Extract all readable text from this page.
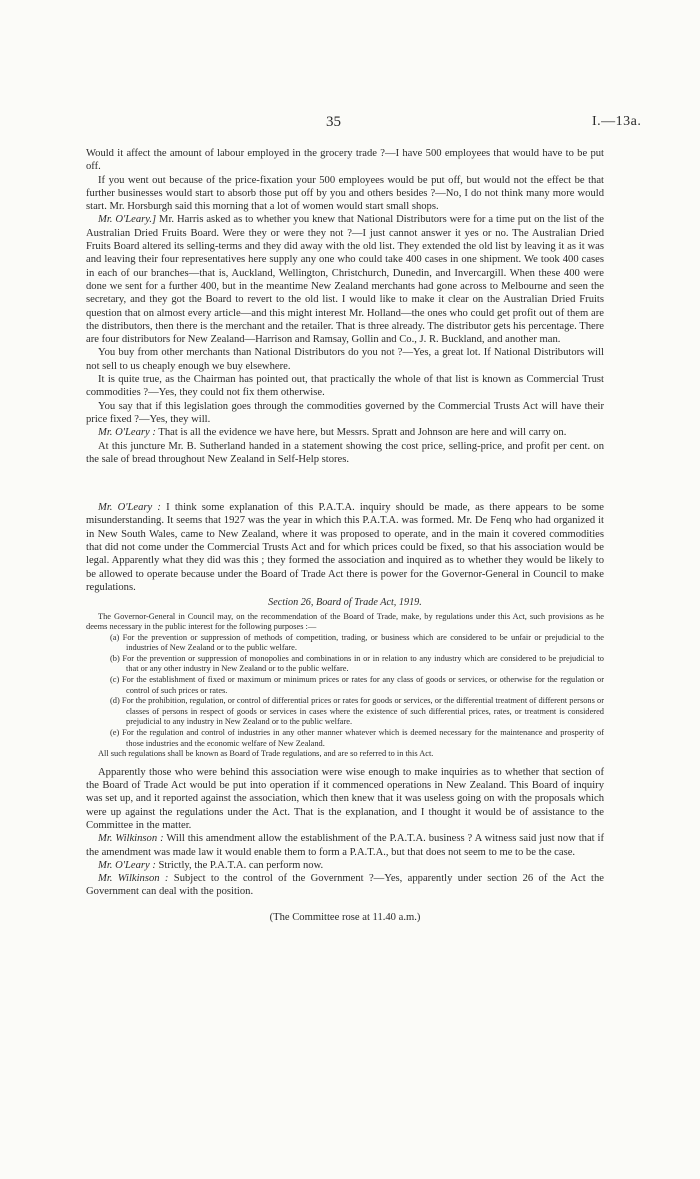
35	I.—13a.

Would it affect the amount of labour employed in the grocery trade ?—I have 500 employees that would have to be put off.

If you went out because of the price-fixation your 500 employees would be put off, but would not the effect be that further businesses would start to absorb those put off by you and others besides ?—No, I do not think many more would start. Mr. Horsburgh said this morning that a lot of women would start small shops.

Mr. O'Leary.] Mr. Harris asked as to whether you knew that National Distributors were for a time put on the list of the Australian Dried Fruits Board. Were they or were they not ?—I just cannot answer it yes or no. The Australian Dried Fruits Board altered its selling-terms and they did away with the old list. They extended the old list by leaving it as it was and leaving their four representatives here supply any one who could take 400 cases in one shipment. We took 400 cases in each of our branches—that is, Auckland, Wellington, Christchurch, Dunedin, and Invercargill. When these 400 were done we sent for a further 400, but in the meantime New Zealand merchants had gone across to Melbourne and seen the secretary, and they got the Board to revert to the old list. I would like to make it clear on the Australian Dried Fruits question that on almost every article—and this might interest Mr. Holland—the ones who could get profit out of them are the distributors, then there is the merchant and the retailer. That is three already. The distributor gets his percentage. There are four distributors for New Zealand—Harrison and Ramsay, Gollin and Co., J. R. Buckland, and another man.

You buy from other merchants than National Distributors do you not ?—Yes, a great lot. If National Distributors will not sell to us cheaply enough we buy elsewhere.

It is quite true, as the Chairman has pointed out, that practically the whole of that list is known as Commercial Trust commodities ?—Yes, they could not fix them otherwise.

You say that if this legislation goes through the commodities governed by the Commercial Trusts Act will have their price fixed ?—Yes, they will.

Mr. O'Leary : That is all the evidence we have here, but Messrs. Spratt and Johnson are here and will carry on.

At this juncture Mr. B. Sutherland handed in a statement showing the cost price, selling-price, and profit per cent. on the sale of bread throughout New Zealand in Self-Help stores.

Mr. O'Leary : I think some explanation of this P.A.T.A. inquiry should be made, as there appears to be some misunderstanding. It seems that 1927 was the year in which this P.A.T.A. was formed. Mr. De Fenq who had organized it in New South Wales, came to New Zealand, where it was proposed to operate, and in the main it covered commodities that did not come under the Commercial Trusts Act and for which prices could be fixed, so that his association would be legal. Apparently what they did was this ; they formed the association and inquired as to whether they would be likely to be allowed to operate because under the Board of Trade Act there is power for the Governor-General in Council to make regulations.

Section 26, Board of Trade Act, 1919.

The Governor-General in Council may, on the recommendation of the Board of Trade, make, by regulations under this Act, such provisions as he deems necessary in the public interest for the following purposes :—

(a) For the prevention or suppression of methods of competition, trading, or business which are considered to be unfair or prejudicial to the industries of New Zealand or to the public welfare.
(b) For the prevention or suppression of monopolies and combinations in or in relation to any industry which are considered to be prejudicial to that or any other industry in New Zealand or to the public welfare.
(c) For the establishment of fixed or maximum or minimum prices or rates for any class of goods or services, or otherwise for the regulation or control of such prices or rates.
(d) For the prohibition, regulation, or control of differential prices or rates for goods or services, or the differential treatment of different persons or classes of persons in respect of goods or services in cases where the existence of such differential prices, rates, or treatment is considered prejudicial to any industry in New Zealand or to the public welfare.
(e) For the regulation and control of industries in any other manner whatever which is deemed necessary for the maintenance and prosperity of those industries and the economic welfare of New Zealand.

All such regulations shall be known as Board of Trade regulations, and are so referred to in this Act.

Apparently those who were behind this association were wise enough to make inquiries as to whether that section of the Board of Trade Act would be put into operation if it commenced operations in New Zealand. This Board of inquiry was set up, and it reported against the association, which then knew that it was useless going on with the proposals which were up against the regulations under the Act. That is the explanation, and I thought it would be of assistance to the Committee in the matter.

Mr. Wilkinson : Will this amendment allow the establishment of the P.A.T.A. business ? A witness said just now that if the amendment was made law it would enable them to form a P.A.T.A., but that does not seem to me to be the case.

Mr. O'Leary : Strictly, the P.A.T.A. can perform now.

Mr. Wilkinson : Subject to the control of the Government ?—Yes, apparently under section 26 of the Act the Government can deal with the position.

(The Committee rose at 11.40 a.m.)
